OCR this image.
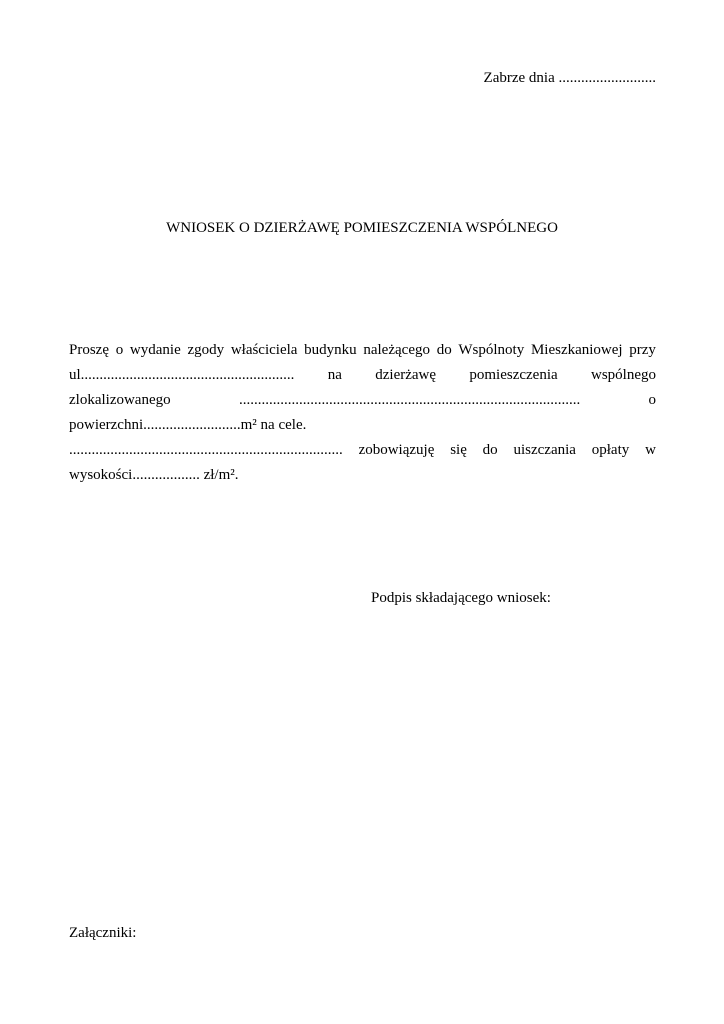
Zabrze dnia ..........................
WNIOSEK O DZIERŻAWĘ POMIESZCZENIA WSPÓLNEGO
Proszę o wydanie zgody właściciela budynku należącego do Wspólnoty Mieszkaniowej przy
ul......................................................... na dzierżawę pomieszczenia wspólnego
zlokalizowanego	...........................................................................................	o
powierzchni..........................m² na cele.
......................................................................... zobowiązuję się do uiszczania opłaty w
wysokości.................. zł/m².
Podpis składającego wniosek:
Załączniki:
